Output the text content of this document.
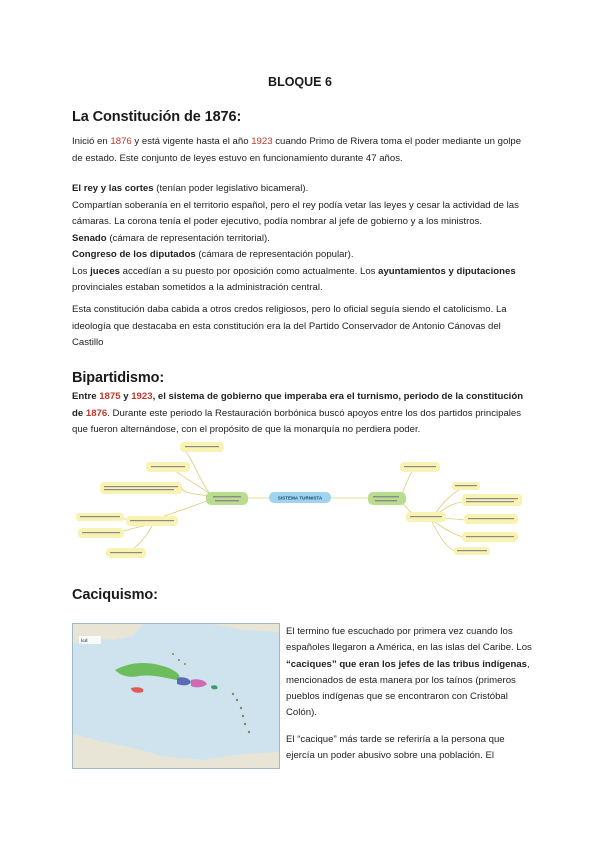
BLOQUE 6
La Constitución de 1876:
Inició en 1876 y está vigente hasta el año 1923 cuando Primo de Rivera toma el poder mediante un golpe de estado. Este conjunto de leyes estuvo en funcionamiento durante 47 años.
El rey y las cortes (tenían poder legislativo bicameral).
Compartían soberanía en el territorio español, pero el rey podía vetar las leyes y cesar la actividad de las cámaras. La corona tenía el poder ejecutivo, podía nombrar al jefe de gobierno y a los ministros.
Senado (cámara de representación territorial).
Congreso de los diputados (cámara de representación popular).
Los jueces accedían a su puesto por oposición como actualmente. Los ayuntamientos y diputaciones provinciales estaban sometidos a la administración central.
Esta constitución daba cabida a otros credos religiosos, pero lo oficial seguía siendo el catolicismo. La ideología que destacaba en esta constitución era la del Partido Conservador de Antonio Cánovas del Castillo
Bipartidismo:
Entre 1875 y 1923, el sistema de gobierno que imperaba era el turnismo, periodo de la constitución de 1876. Durante este periodo la Restauración borbónica buscó apoyos entre los dos partidos principales que fueron alternándose, con el propósito de que la monarquía no perdiera poder.
SISTEMA TURNISTA
Caciquismo:
lcd

El termino fue escuchado por primera vez cuando los españoles llegaron a América, en las islas del Caribe. Los “caciques” que eran los jefes de las tribus indígenas, mencionados de esta manera por los taínos (primeros pueblos indígenas que se encontraron con Cristóbal Colón).

El “cacique” más tarde se referiría a la persona que ejercía un poder abusivo sobre una población. El
